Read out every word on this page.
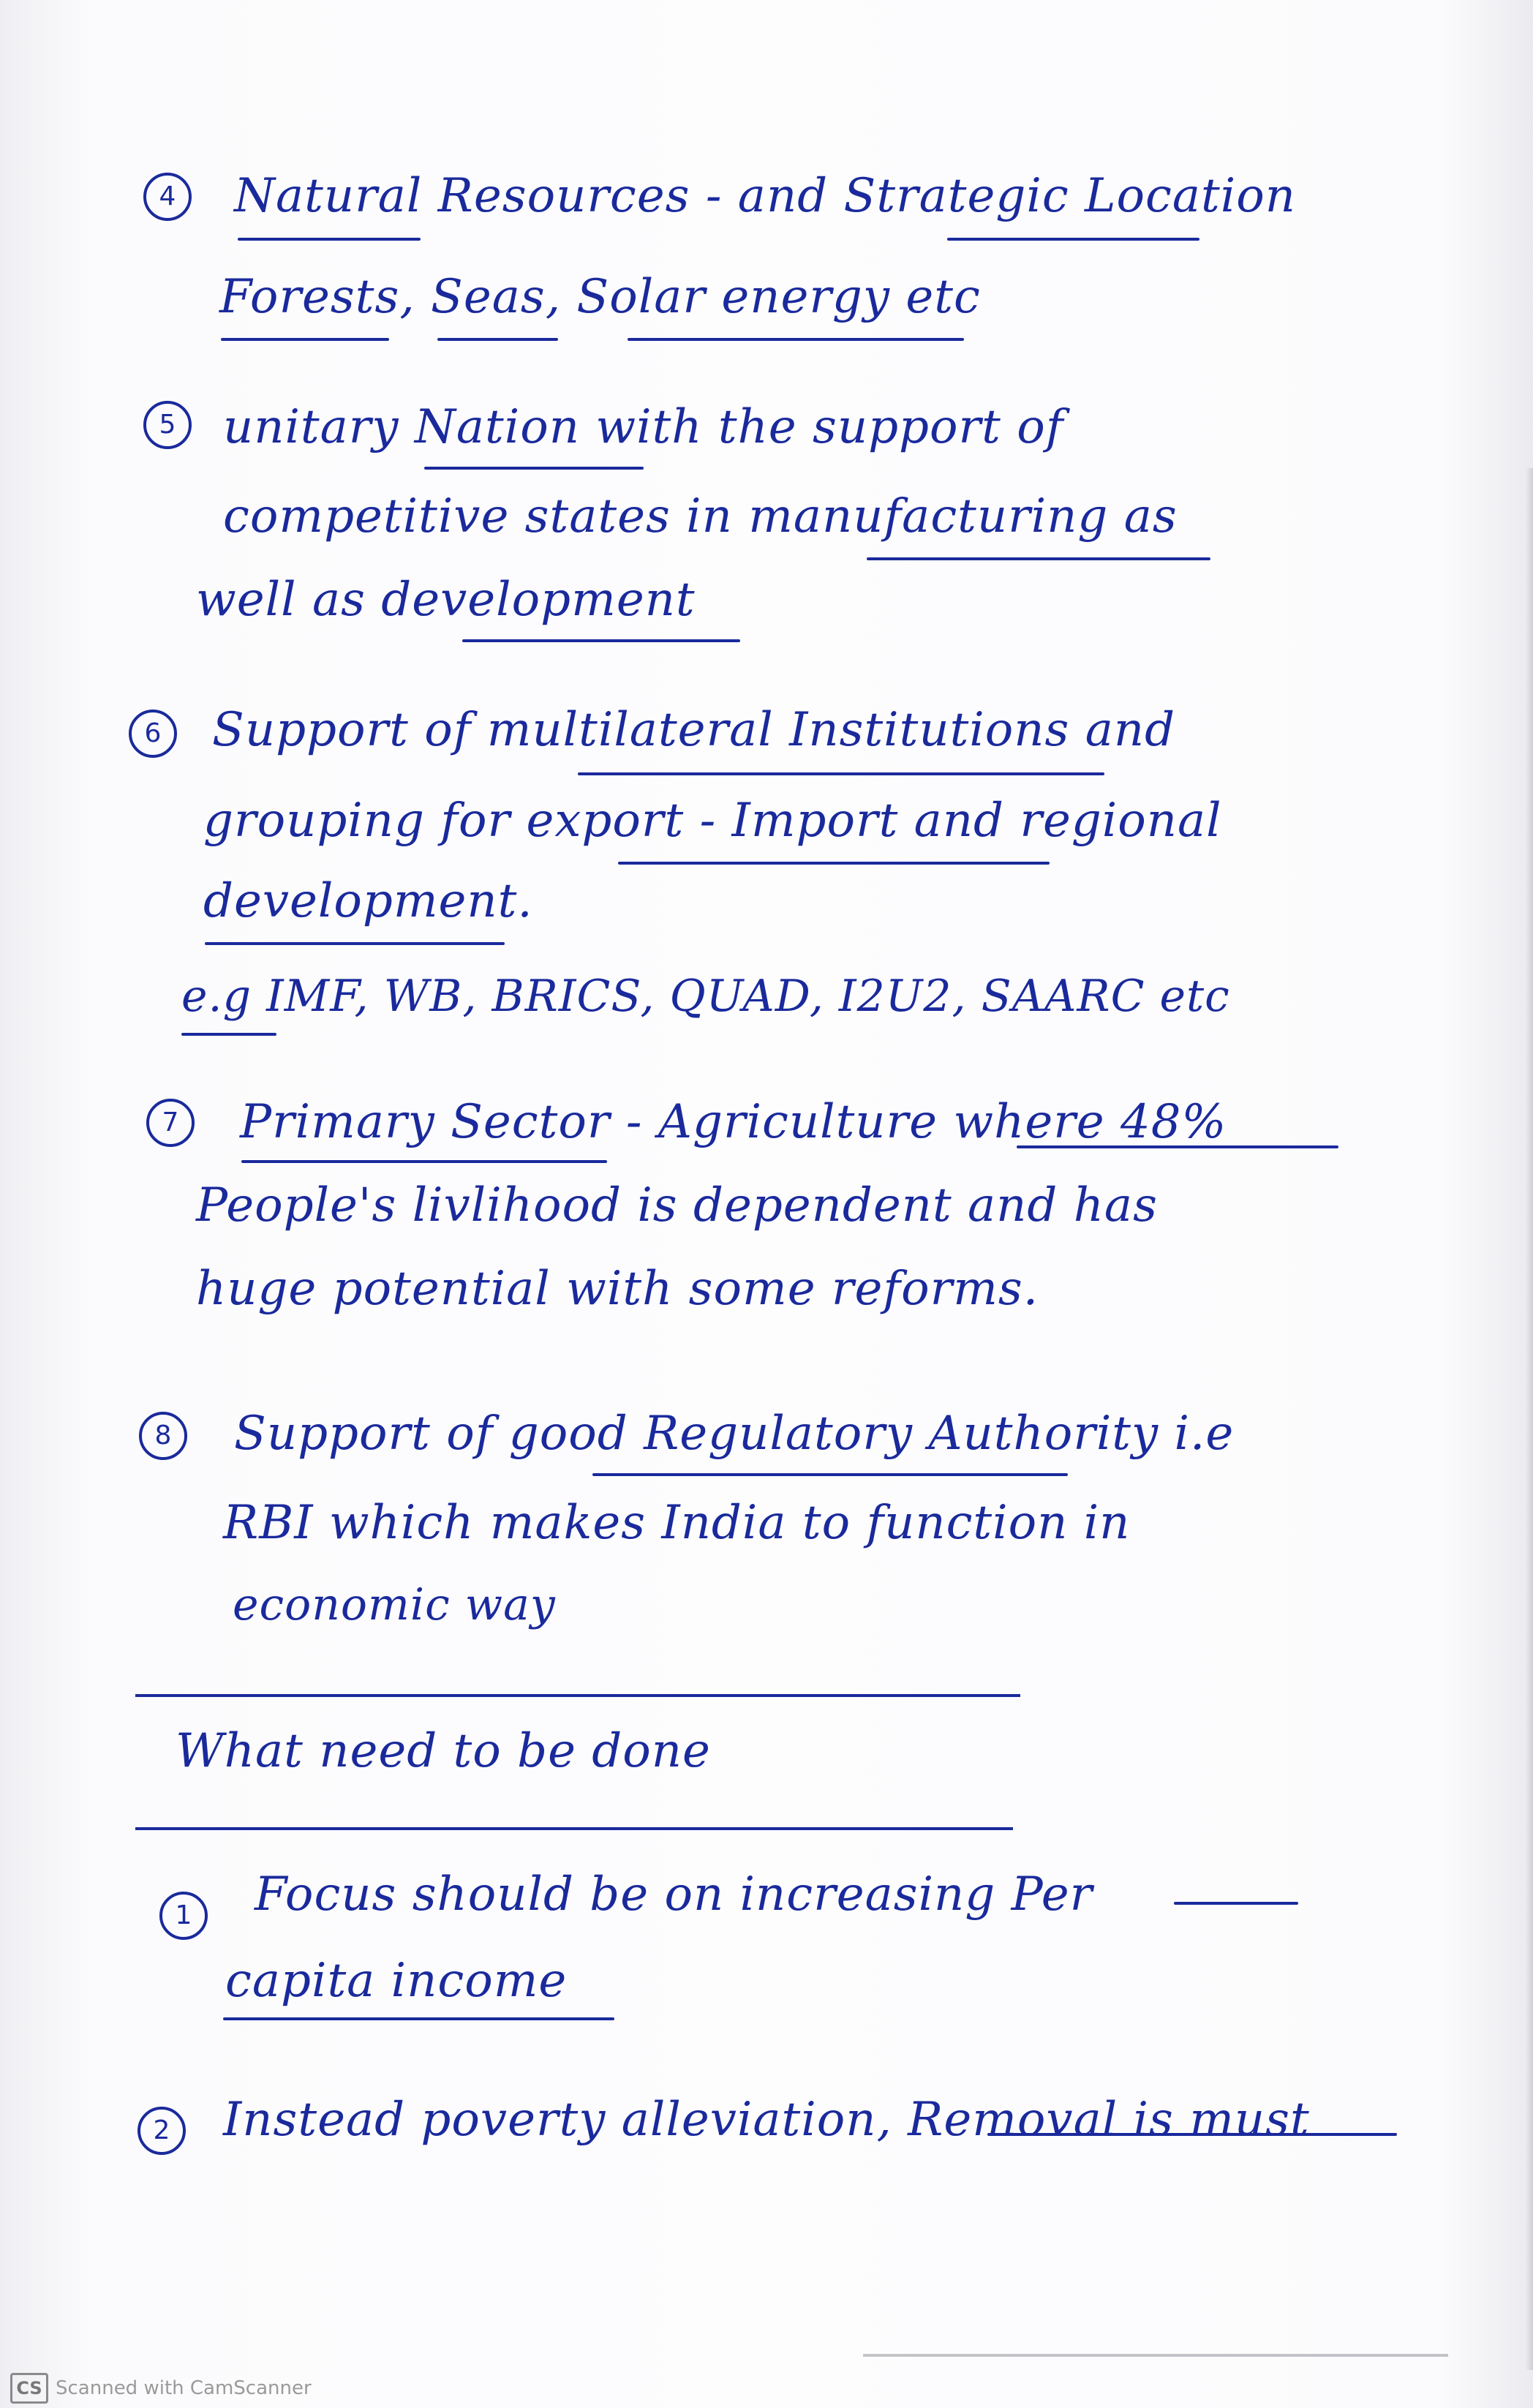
4	Natural Resources - and Strategic Location
Forests, Seas, Solar energy etc
5	unitary Nation with the support of
competitive states in manufacturing as
well as development
6	Support of multilateral Institutions and
grouping for export - Import and regional
development.
e.g IMF, WB, BRICS, QUAD, I2U2, SAARC etc
7	Primary Sector - Agriculture where 48%
People's livlihood is dependent and has
huge potential with some reforms.
8	Support of good Regulatory Authority i.e
RBI which makes India to function in
economic way
What need to be done
1	Focus should be on increasing Per
capita income
2	Instead poverty alleviation, Removal is must
CS Scanned with CamScanner
